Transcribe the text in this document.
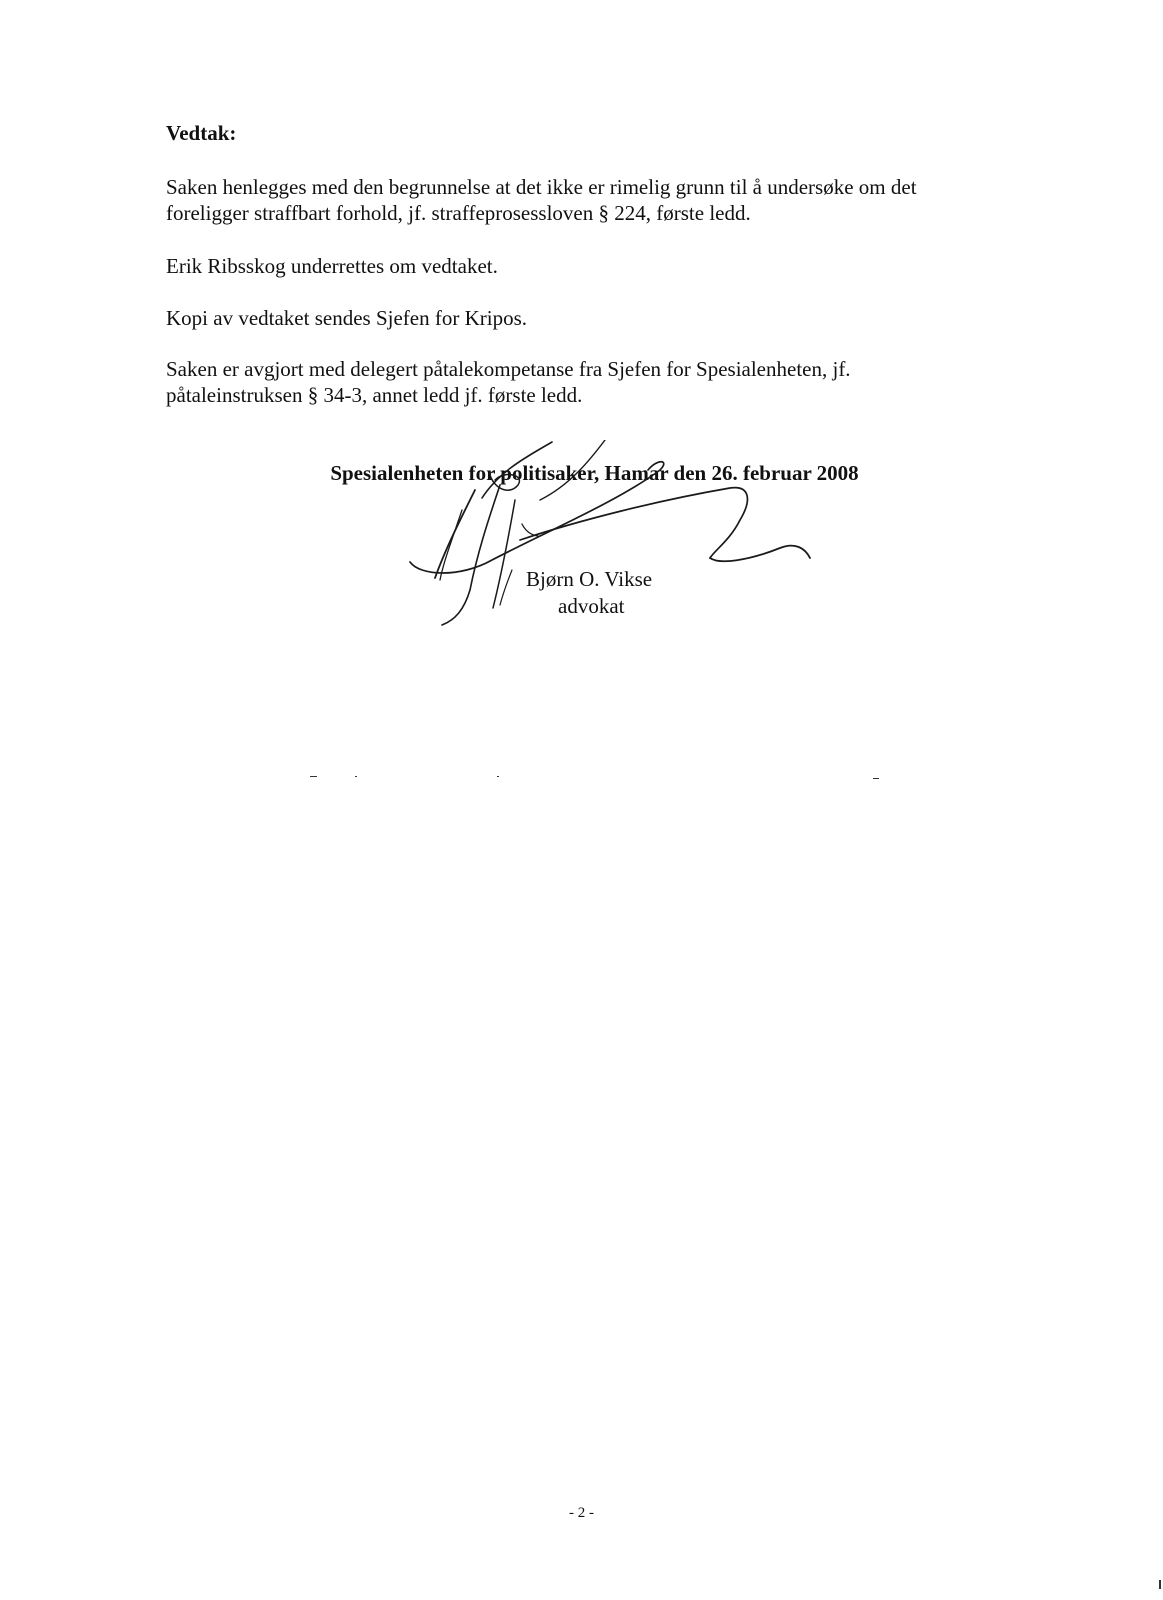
Vedtak:

Saken henlegges med den begrunnelse at det ikke er rimelig grunn til å undersøke om det
foreligger straffbart forhold, jf. straffeprosessloven § 224, første ledd.

Erik Ribsskog underrettes om vedtaket.

Kopi av vedtaket sendes Sjefen for Kripos.

Saken er avgjort med delegert påtalekompetanse fra Sjefen for Spesialenheten, jf.
påtaleinstruksen § 34-3, annet ledd jf. første ledd.

Spesialenheten for politisaker, Hamar den 26. februar 2008
Bjørn O. Vikse
advokat
- 2 -
